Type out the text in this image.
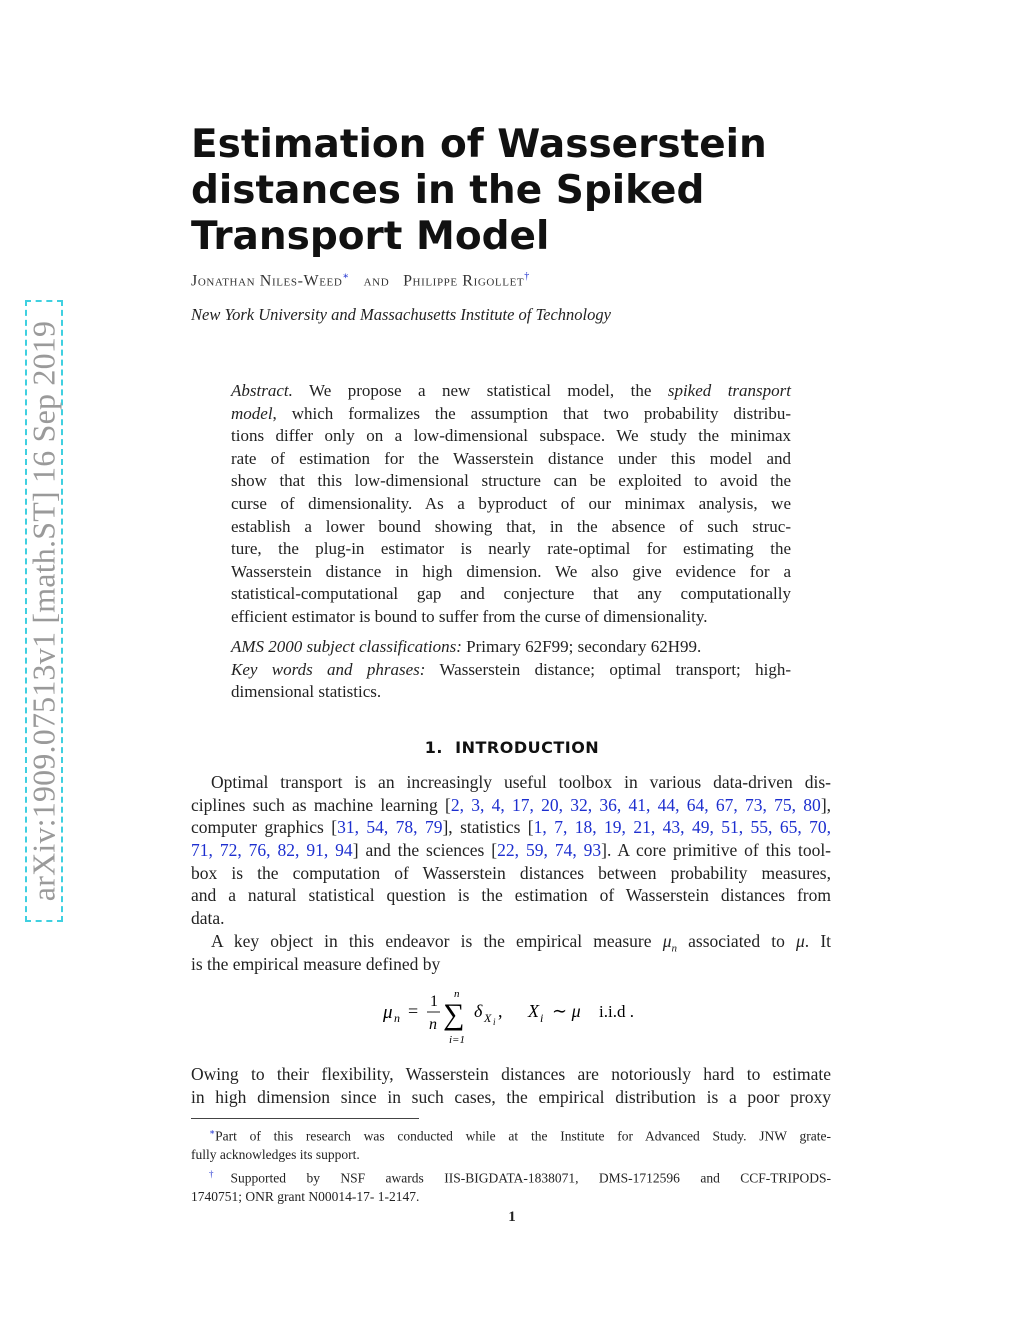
arXiv:1909.07513v1 [math.ST] 16 Sep 2019
Estimation of Wasserstein
distances in the Spiked
Transport Model
Jonathan Niles-Weed∗ and Philippe Rigollet†
New York University and Massachusetts Institute of Technology
Abstract. We propose a new statistical model, the spiked transport
model, which formalizes the assumption that two probability distribu-
tions differ only on a low-dimensional subspace. We study the minimax
rate of estimation for the Wasserstein distance under this model and
show that this low-dimensional structure can be exploited to avoid the
curse of dimensionality. As a byproduct of our minimax analysis, we
establish a lower bound showing that, in the absence of such struc-
ture, the plug-in estimator is nearly rate-optimal for estimating the
Wasserstein distance in high dimension. We also give evidence for a
statistical-computational gap and conjecture that any computationally
efficient estimator is bound to suffer from the curse of dimensionality.
AMS 2000 subject classifications: Primary 62F99; secondary 62H99.
Key words and phrases: Wasserstein distance; optimal transport; high-
dimensional statistics.
1. INTRODUCTION
Optimal transport is an increasingly useful toolbox in various data-driven dis-
ciplines such as machine learning [2, 3, 4, 17, 20, 32, 36, 41, 44, 64, 67, 73, 75, 80],
computer graphics [31, 54, 78, 79], statistics [1, 7, 18, 19, 21, 43, 49, 51, 55, 65, 70,
71, 72, 76, 82, 91, 94] and the sciences [22, 59, 74, 93]. A core primitive of this tool-
box is the computation of Wasserstein distances between probability measures,
and a natural statistical question is the estimation of Wasserstein distances from
data.
A key object in this endeavor is the empirical measure $\mu_n$ associated to μ. It
is the empirical measure defined by
μ n = 1
n
n
∑
i=1
δ X i
, X i ∼ μ i.i.d .
Owing to their flexibility, Wasserstein distances are notoriously hard to estimate
in high dimension since in such cases, the empirical distribution is a poor proxy
∗Part of this research was conducted while at the Institute for Advanced Study. JNW grate-
fully acknowledges its support.
†Supported by NSF awards IIS-BIGDATA-1838071, DMS-1712596 and CCF-TRIPODS-
1740751; ONR grant N00014-17- 1-2147.
1
